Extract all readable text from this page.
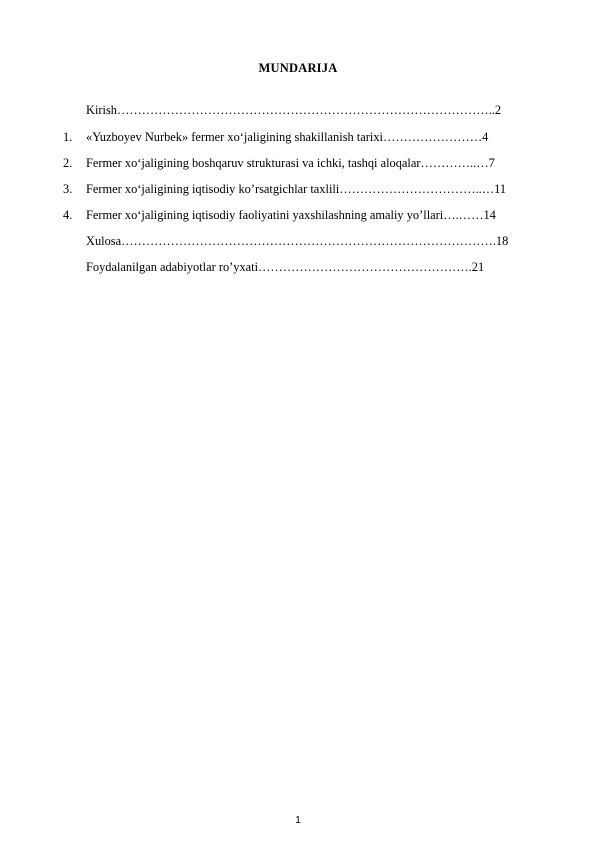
MUNDARIJA
Kirish………………………………………………………………………………..2
1.	«Yuzboyev Nurbek» fermer xo‘jaligining shakillanish tarixi……………………4
2.	Fermer xo‘jaligining boshqaruv strukturasi va ichki, tashqi aloqalar…………..…7
3.	Fermer xo‘jaligining iqtisodiy ko’rsatgichlar taxlili……………………………..…11
4.	Fermer xo‘jaligining iqtisodiy faoliyatini yaxshilashning amaliy yo’llari….……14
Xulosa……………………………………………………………………………….18
Foydalanilgan adabiyotlar ro’yxati…………………………………………….21
1
